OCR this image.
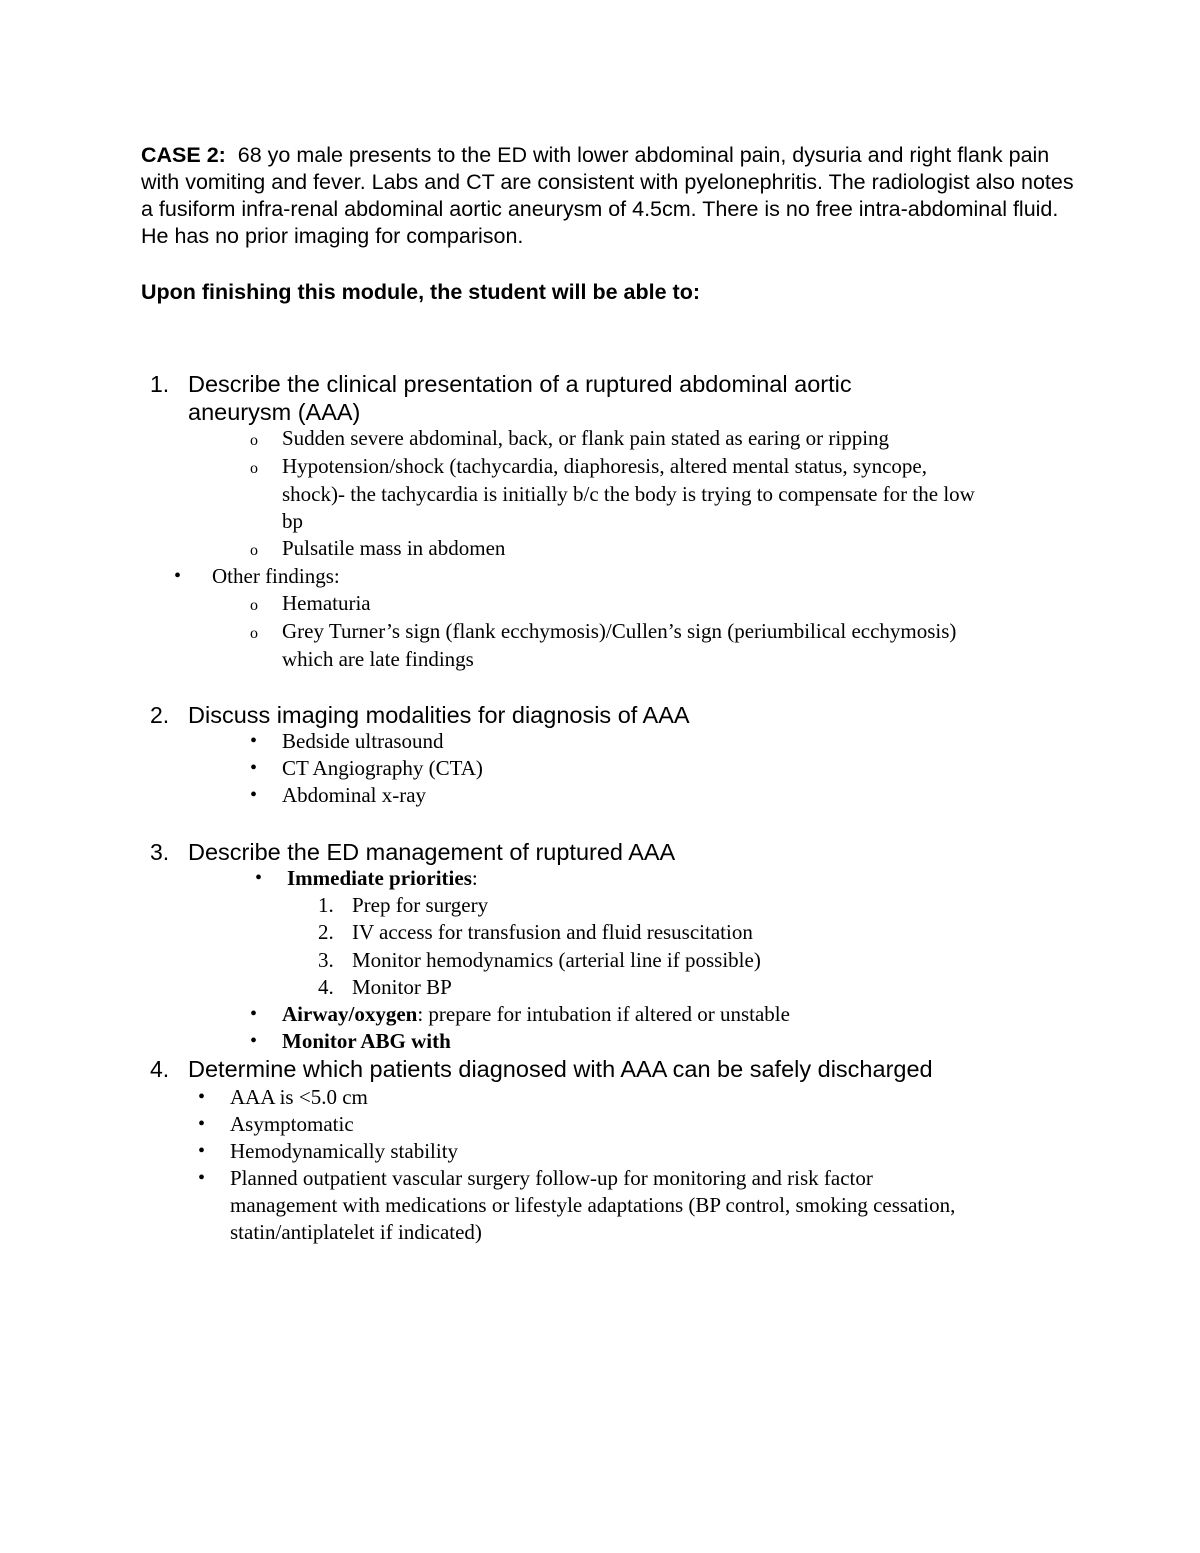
CASE 2: 68 yo male presents to the ED with lower abdominal pain, dysuria and right flank pain with vomiting and fever. Labs and CT are consistent with pyelonephritis. The radiologist also notes a fusiform infra-renal abdominal aortic aneurysm of 4.5cm. There is no free intra-abdominal fluid. He has no prior imaging for comparison.
Upon finishing this module, the student will be able to:
1. Describe the clinical presentation of a ruptured abdominal aortic
aneurysm (AAA)
o Sudden severe abdominal, back, or flank pain stated as earing or ripping
o Hypotension/shock (tachycardia, diaphoresis, altered mental status, syncope,
shock)- the tachycardia is initially b/c the body is trying to compensate for the low
bp
o Pulsatile mass in abdomen
• Other findings:
o Hematuria
o Grey Turner’s sign (flank ecchymosis)/Cullen’s sign (periumbilical ecchymosis)
which are late findings
2. Discuss imaging modalities for diagnosis of AAA
• Bedside ultrasound
• CT Angiography (CTA)
• Abdominal x-ray
3. Describe the ED management of ruptured AAA
• Immediate priorities:
1. Prep for surgery
2. IV access for transfusion and fluid resuscitation
3. Monitor hemodynamics (arterial line if possible)
4. Monitor BP
• Airway/oxygen: prepare for intubation if altered or unstable
• Monitor ABG with
4. Determine which patients diagnosed with AAA can be safely discharged
• AAA is <5.0 cm
• Asymptomatic
• Hemodynamically stability
• Planned outpatient vascular surgery follow-up for monitoring and risk factor
management with medications or lifestyle adaptations (BP control, smoking cessation,
statin/antiplatelet if indicated)
